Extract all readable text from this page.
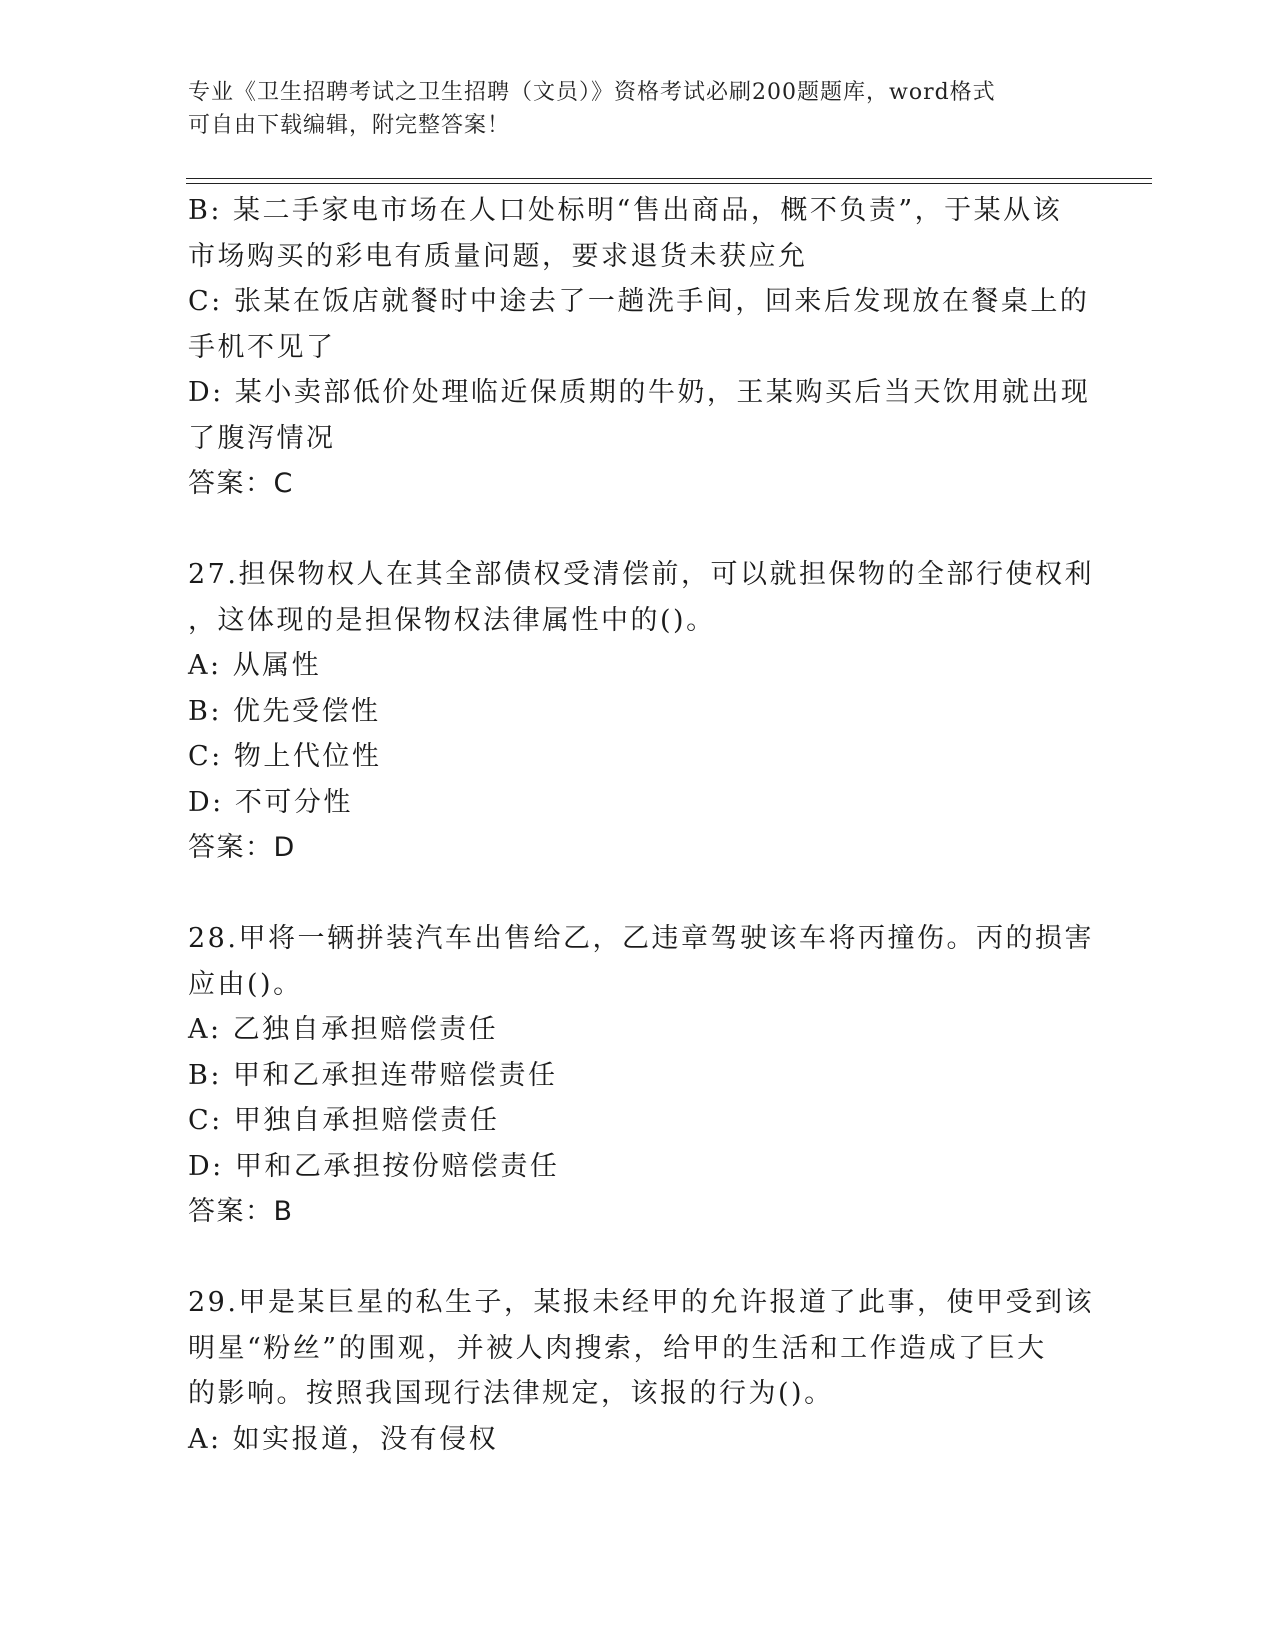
专业《卫生招聘考试之卫生招聘（文员）》资格考试必刷200题题库，word格式
可自由下载编辑，附完整答案！
B: 某二手家电市场在人口处标明“售出商品，概不负责”，于某从该
市场购买的彩电有质量问题，要求退货未获应允
C: 张某在饭店就餐时中途去了一趟洗手间，回来后发现放在餐桌上的
手机不见了
D: 某小卖部低价处理临近保质期的牛奶，王某购买后当天饮用就出现
了腹泻情况
答案：C
27.担保物权人在其全部债权受清偿前，可以就担保物的全部行使权利
，这体现的是担保物权法律属性中的()。
A: 从属性
B: 优先受偿性
C: 物上代位性
D: 不可分性
答案：D
28.甲将一辆拼装汽车出售给乙，乙违章驾驶该车将丙撞伤。丙的损害
应由()。
A: 乙独自承担赔偿责任
B: 甲和乙承担连带赔偿责任
C: 甲独自承担赔偿责任
D: 甲和乙承担按份赔偿责任
答案：B
29.甲是某巨星的私生子，某报未经甲的允许报道了此事，使甲受到该
明星“粉丝”的围观，并被人肉搜索，给甲的生活和工作造成了巨大
的影响。按照我国现行法律规定，该报的行为()。
A: 如实报道，没有侵权
